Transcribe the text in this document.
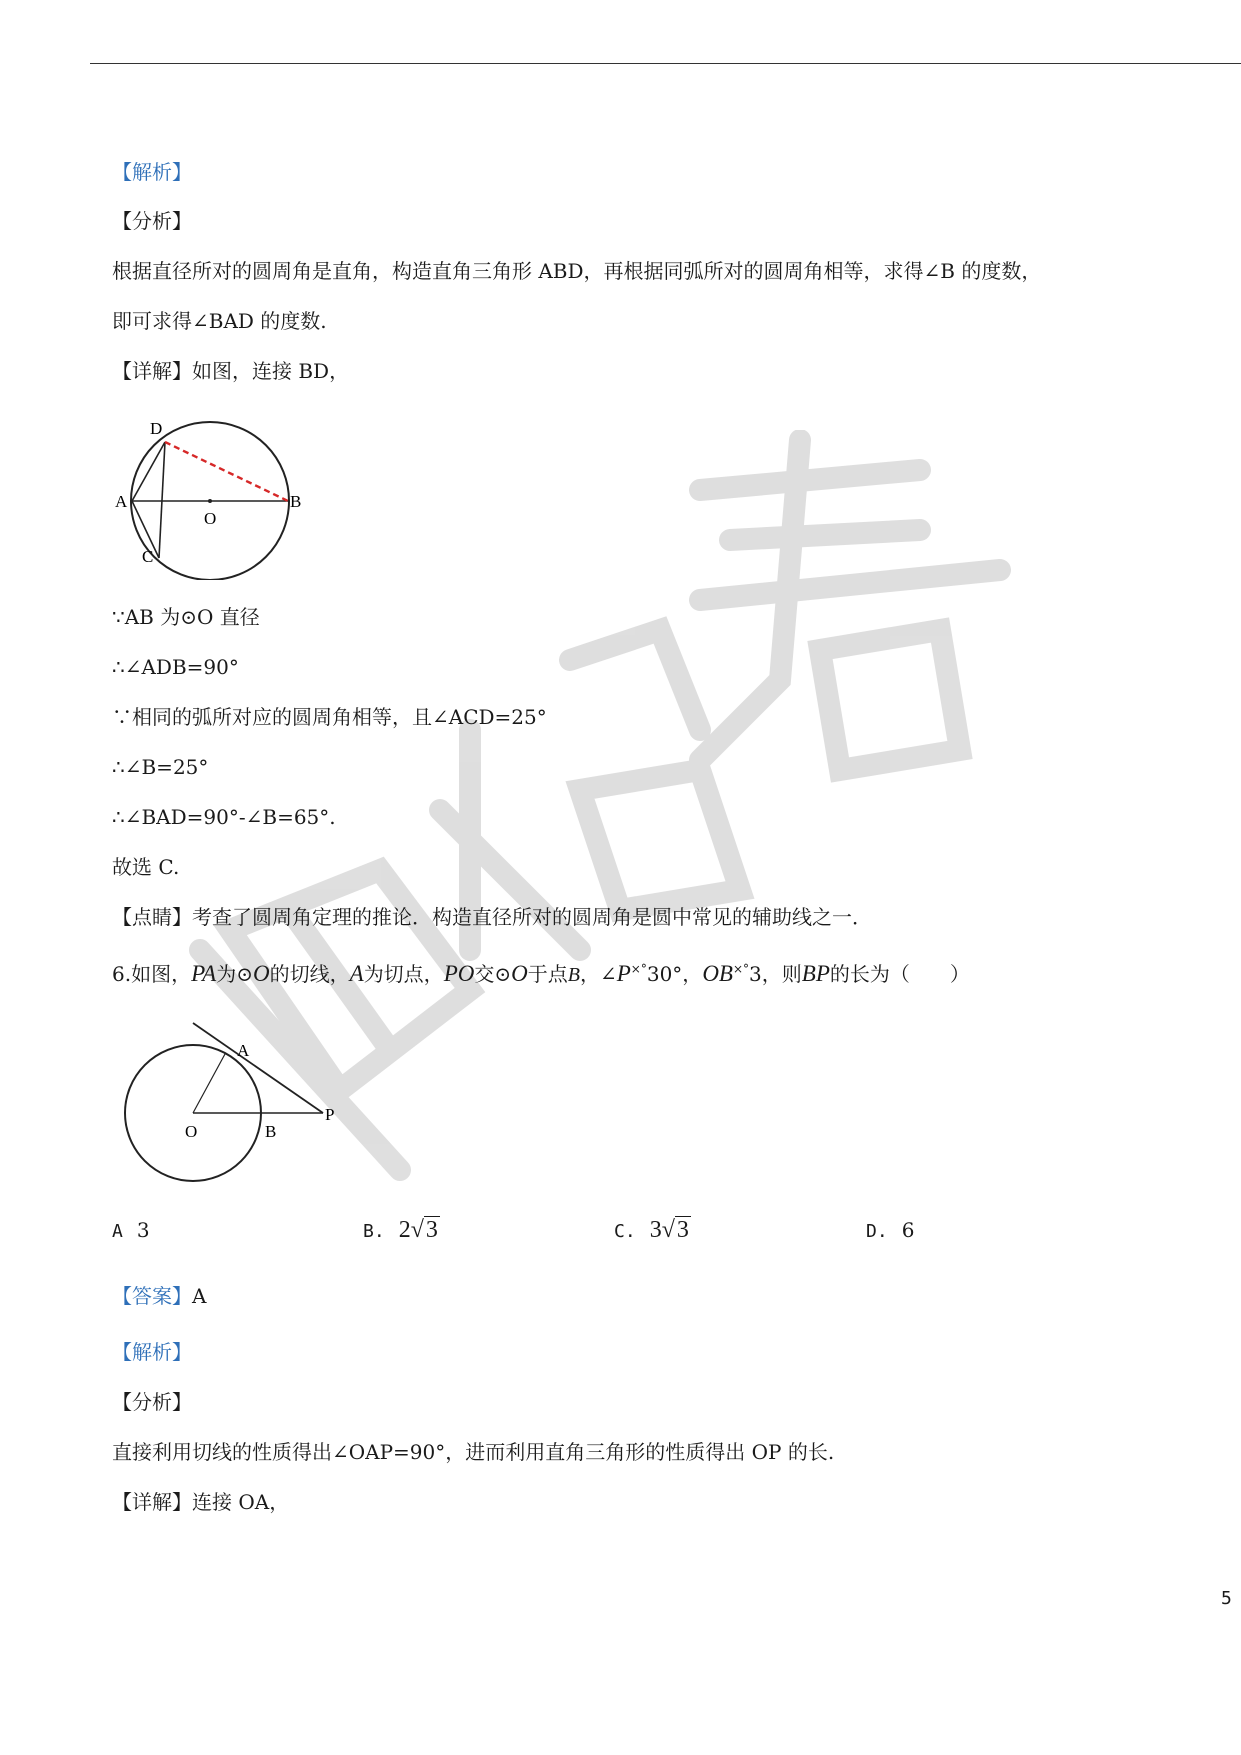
【解析】
【分析】
根据直径所对的圆周角是直角，构造直角三角形 ABD，再根据同弧所对的圆周角相等，求得∠B 的度数，
即可求得∠BAD 的度数.
【详解】如图，连接 BD，
D
A
O
B
C
∵AB 为⊙O 直径
∴∠ADB=90°
∵相同的弧所对应的圆周角相等，且∠ACD=25°
∴∠B=25°
∴∠BAD=90°-∠B=65°.
故选 C.
【点睛】考查了圆周角定理的推论．构造直径所对的圆周角是圆中常见的辅助线之一．
6.如图，PA为⊙O的切线，A为切点，PO交⊙O于点B，∠P×°30°，OB×°3，则BP的长为（　　）
A
O	B
P
A 3	B. 2√3	C. 3√3	D. 6
【答案】A
【解析】
【分析】
直接利用切线的性质得出∠OAP=90°，进而利用直角三角形的性质得出 OP 的长.
【详解】连接 OA，
5
